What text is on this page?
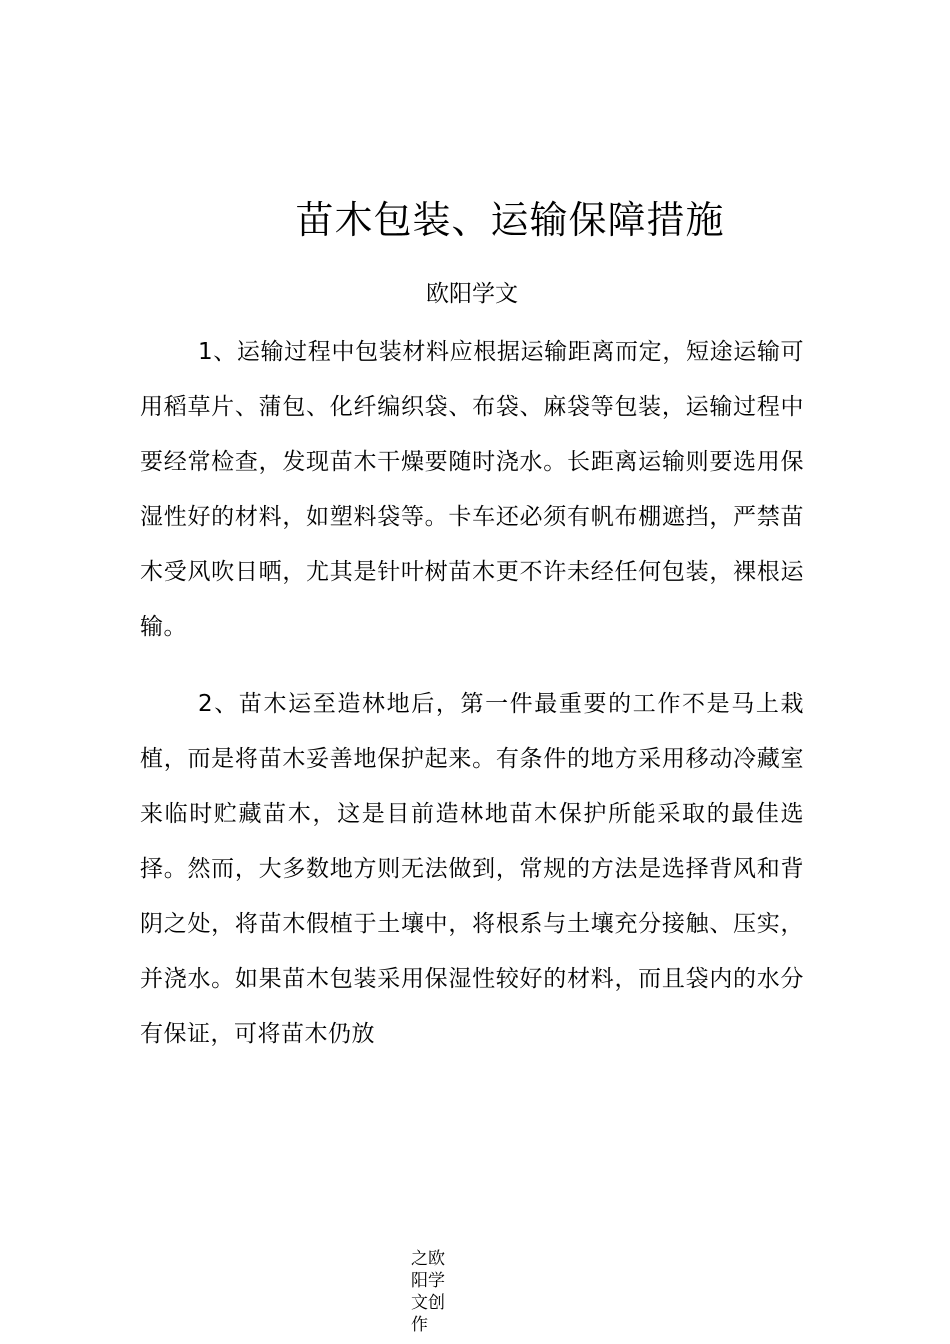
苗木包装、运输保障措施
欧阳学文

1、运输过程中包装材料应根据运输距离而定，短途运输可用稻草片、蒲包、化纤编织袋、布袋、麻袋等包装，运输过程中要经常检查，发现苗木干燥要随时浇水。长距离运输则要选用保湿性好的材料，如塑料袋等。卡车还必须有帆布棚遮挡，严禁苗木受风吹日晒，尤其是针叶树苗木更不许未经任何包装，裸根运输。

2、苗木运至造林地后，第一件最重要的工作不是马上栽植，而是将苗木妥善地保护起来。有条件的地方采用移动冷藏室来临时贮藏苗木，这是目前造林地苗木保护所能采取的最佳选择。然而，大多数地方则无法做到，常规的方法是选择背风和背阴之处，将苗木假植于土壤中，将根系与土壤充分接触、压实，并浇水。如果苗木包装采用保湿性较好的材料，而且袋内的水分有保证，可将苗木仍放

之欧阳学文创作
